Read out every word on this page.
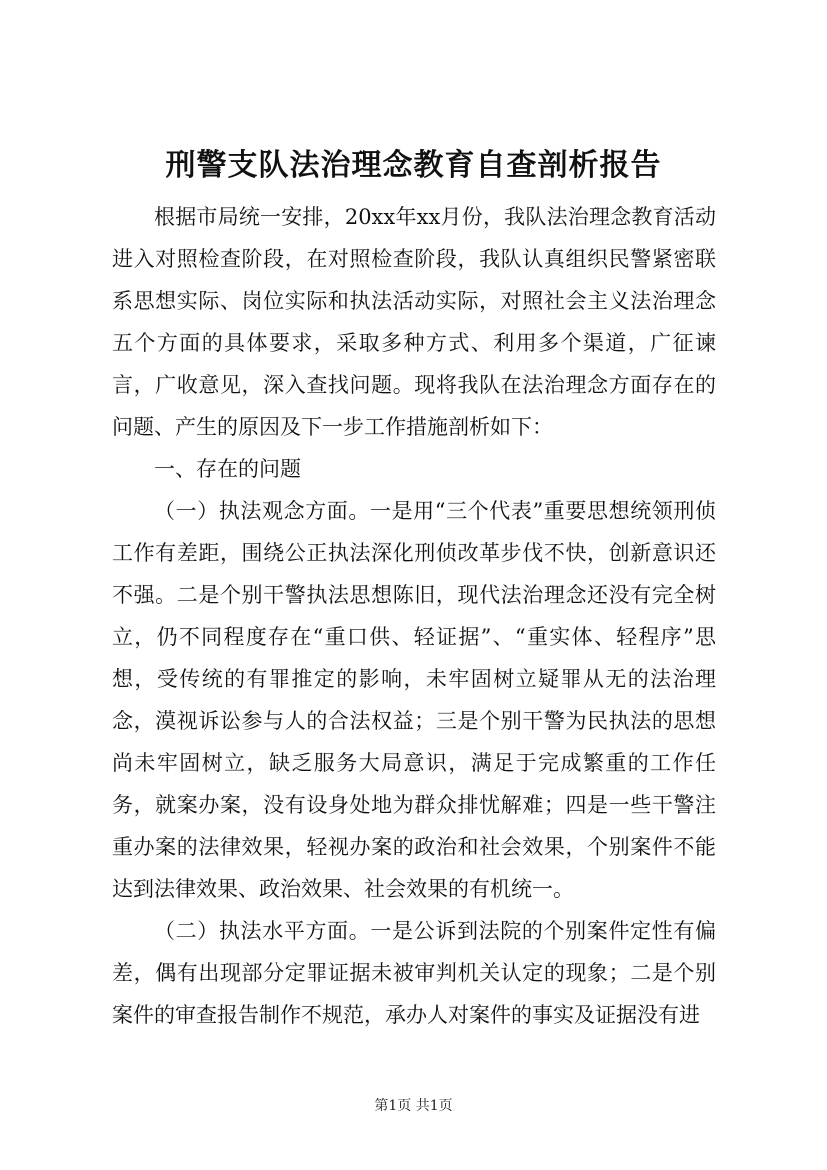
刑警支队法治理念教育自查剖析报告

根据市局统一安排，20xx年xx月份，我队法治理念教育活动进入对照检查阶段，在对照检查阶段，我队认真组织民警紧密联系思想实际、岗位实际和执法活动实际，对照社会主义法治理念五个方面的具体要求，采取多种方式、利用多个渠道，广征谏言，广收意见，深入查找问题。现将我队在法治理念方面存在的问题、产生的原因及下一步工作措施剖析如下：

一、存在的问题

（一）执法观念方面。一是用“三个代表”重要思想统领刑侦工作有差距，围绕公正执法深化刑侦改革步伐不快，创新意识还不强。二是个别干警执法思想陈旧，现代法治理念还没有完全树立，仍不同程度存在“重口供、轻证据”、“重实体、轻程序”思想，受传统的有罪推定的影响，未牢固树立疑罪从无的法治理念，漠视诉讼参与人的合法权益；三是个别干警为民执法的思想尚未牢固树立，缺乏服务大局意识，满足于完成繁重的工作任务，就案办案，没有设身处地为群众排忧解难；四是一些干警注重办案的法律效果，轻视办案的政治和社会效果，个别案件不能达到法律效果、政治效果、社会效果的有机统一。

（二）执法水平方面。一是公诉到法院的个别案件定性有偏差，偶有出现部分定罪证据未被审判机关认定的现象；二是个别案件的审查报告制作不规范，承办人对案件的事实及证据没有进

第1页 共1页
